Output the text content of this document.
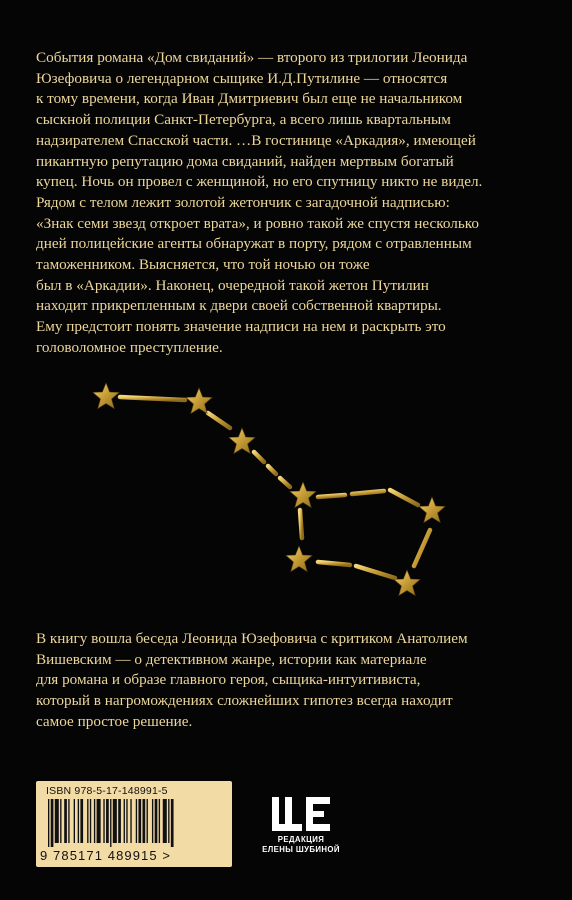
События романа «Дом свиданий» — второго из трилогии Леонида
Юзефовича о легендарном сыщике И.Д.Путилине — относятся
к тому времени, когда Иван Дмитриевич был еще не начальником
сыскной полиции Санкт-Петербурга, а всего лишь квартальным
надзирателем Спасской части. …В гостинице «Аркадия», имеющей
пикантную репутацию дома свиданий, найден мертвым богатый
купец. Ночь он провел с женщиной, но его спутницу никто не видел.
Рядом с телом лежит золотой жетончик с загадочной надписью:
«Знак семи звезд откроет врата», и ровно такой же спустя несколько
дней полицейские агенты обнаружат в порту, рядом с отравленным
таможенником. Выясняется, что той ночью он тоже
был в «Аркадии». Наконец, очередной такой жетон Путилин
находит прикрепленным к двери своей собственной квартиры.
Ему предстоит понять значение надписи на нем и раскрыть это
головоломное преступление.
В книгу вошла беседа Леонида Юзефовича с критиком Анатолием
Вишевским — о детективном жанре, истории как материале
для романа и образе главного героя, сыщика-интуитивиста,
который в нагромождениях сложнейших гипотез всегда находит
самое простое решение.
ISBN 978-5-17-148991-5
9 785171 489915 >
РЕДАКЦИЯ
ЕЛЕНЫ ШУБИНОЙ
